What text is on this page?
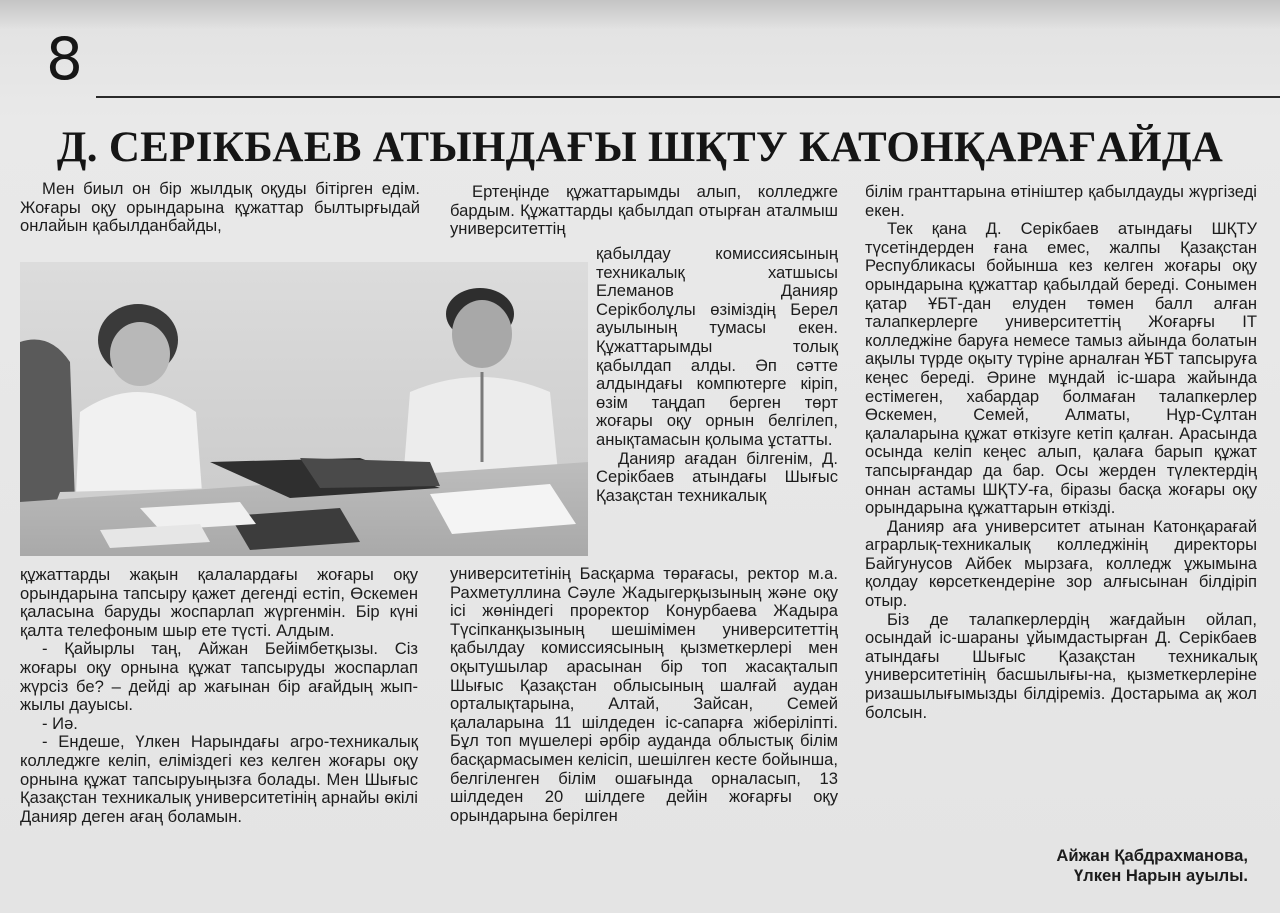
8
Д. СЕРІКБАЕВ АТЫНДАҒЫ ШҚТУ КАТОНҚАРАҒАЙДА

Мен биыл он бір жылдық оқуды бітірген едім. Жоғары оқу орындарына құжаттар былтырғыдай онлайын қабылданбайды,

құжаттарды жақын қалалардағы жоғары оқу орындарына тапсыру қажет дегенді естіп, Өскемен қаласына баруды жоспарлап жүргенмін. Бір күні қалта телефоным шыр ете түсті. Алдым.

- Қайырлы таң, Айжан Бейімбетқызы. Сіз жоғары оқу орнына құжат тапсыруды жоспарлап жүрсіз бе? – дейді ар жағынан бір ағайдың жып-жылы дауысы.

- Иә.

- Ендеше, Үлкен Нарындағы агро-техникалық колледжге келіп, еліміздегі кез келген жоғары оқу орнына құжат тапсыруыңызға болады. Мен Шығыс Қазақстан техникалық университетінің арнайы өкілі Данияр деген ағаң боламын.

Ертеңінде құжаттарымды алып, колледжге бардым. Құжаттарды қабылдап отырған аталмыш университеттің

қабылдау комиссиясының техникалық хатшысы Елеманов Данияр Серікболұлы өзіміздің Берел ауылының тумасы екен. Құжаттарымды толық қабылдап алды. Әп сәтте алдындағы компютерге кіріп, өзім таңдап берген төрт жоғары оқу орнын белгілеп, анықтамасын қолыма ұстатты.

Данияр ағадан білгенім, Д. Серікбаев атындағы Шығыс Қазақстан техникалық

университетінің Басқарма төрағасы, ректор м.а. Рахметуллина Сәуле Жадыгерқызының және оқу ісі жөніндегі проректор Конурбаева Жадыра Түсіпканқызының шешімімен университеттің қабылдау комиссиясының қызметкерлері мен оқытушылар арасынан бір топ жасақталып Шығыс Қазақстан облысының шалғай аудан орталықтарына, Алтай, Зайсан, Семей қалаларына 11 шілдеден іс-сапарға жіберіліпті. Бұл топ мүшелері әрбір ауданда облыстық білім басқармасымен келісіп, шешілген кесте бойынша, белгіленген білім ошағында орналасып, 13 шілдеден 20 шілдеге дейін жоғарғы оқу орындарына берілген

білім гранттарына өтініштер қабылдауды жүргізеді екен.

Тек қана Д. Серікбаев атындағы ШҚТУ түсетіндерден ғана емес, жалпы Қазақстан Республикасы бойынша кез келген жоғары оқу орындарына құжаттар қабылдай береді. Сонымен қатар ҰБТ-дан елуден төмен балл алған талапкерлерге университеттің Жоғарғы ІТ колледжіне баруға немесе тамыз айында болатын ақылы түрде оқыту түріне арналған ҰБТ тапсыруға кеңес береді. Әрине мұндай іс-шара жайында естімеген, хабардар болмаған талапкерлер Өскемен, Семей, Алматы, Нұр-Сұлтан қалаларына құжат өткізуге кетіп қалған. Арасында осында келіп кеңес алып, қалаға барып құжат тапсырғандар да бар. Осы жерден түлектердің оннан астамы ШҚТУ-ға, біразы басқа жоғары оқу орындарына құжаттарын өткізді.

Данияр аға университет атынан Катонқарағай аграрлық-техникалық колледжінің директоры Байгунусов Айбек мырзаға, колледж ұжымына қолдау көрсеткендеріне зор алғысынан білдіріп отыр.

Біз де талапкерлердің жағдайын ойлап, осындай іс-шараны ұйымдастырған Д. Серікбаев атындағы Шығыс Қазақстан техникалық университетінің басшылығы-на, қызметкерлеріне ризашылығымызды білдіреміз. Достарыма ақ жол болсын.

Айжан Қабдрахманова,
Үлкен Нарын ауылы.
